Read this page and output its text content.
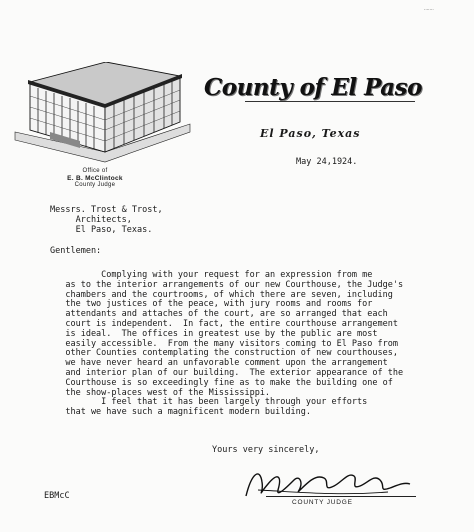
.......
Office of
E. B. McClintock
County Judge
County of El Paso
El Paso, Texas
May 24,1924.
Messrs. Trost & Trost,
Architects,
El Paso, Texas.
Gentlemen:
Complying with your request for an expression from me
as to the interior arrangements of our new Courthouse, the Judge's
chambers and the courtrooms, of which there are seven, including
the two justices of the peace, with jury rooms and rooms for
attendants and attaches of the court, are so arranged that each
court is independent.  In fact, the entire courthouse arrangement
is ideal.  The offices in greatest use by the public are most
easily accessible.  From the many visitors coming to El Paso from
other Counties contemplating the construction of new courthouses,
we have never heard an unfavorable comment upon the arrangement
and interior plan of our building.  The exterior appearance of the
Courthouse is so exceedingly fine as to make the building one of
the show-places west of the Mississippi.
I feel that it has been largely through your efforts
that we have such a magnificent modern building.
Yours very sincerely,
COUNTY JUDGE
EBMcC
